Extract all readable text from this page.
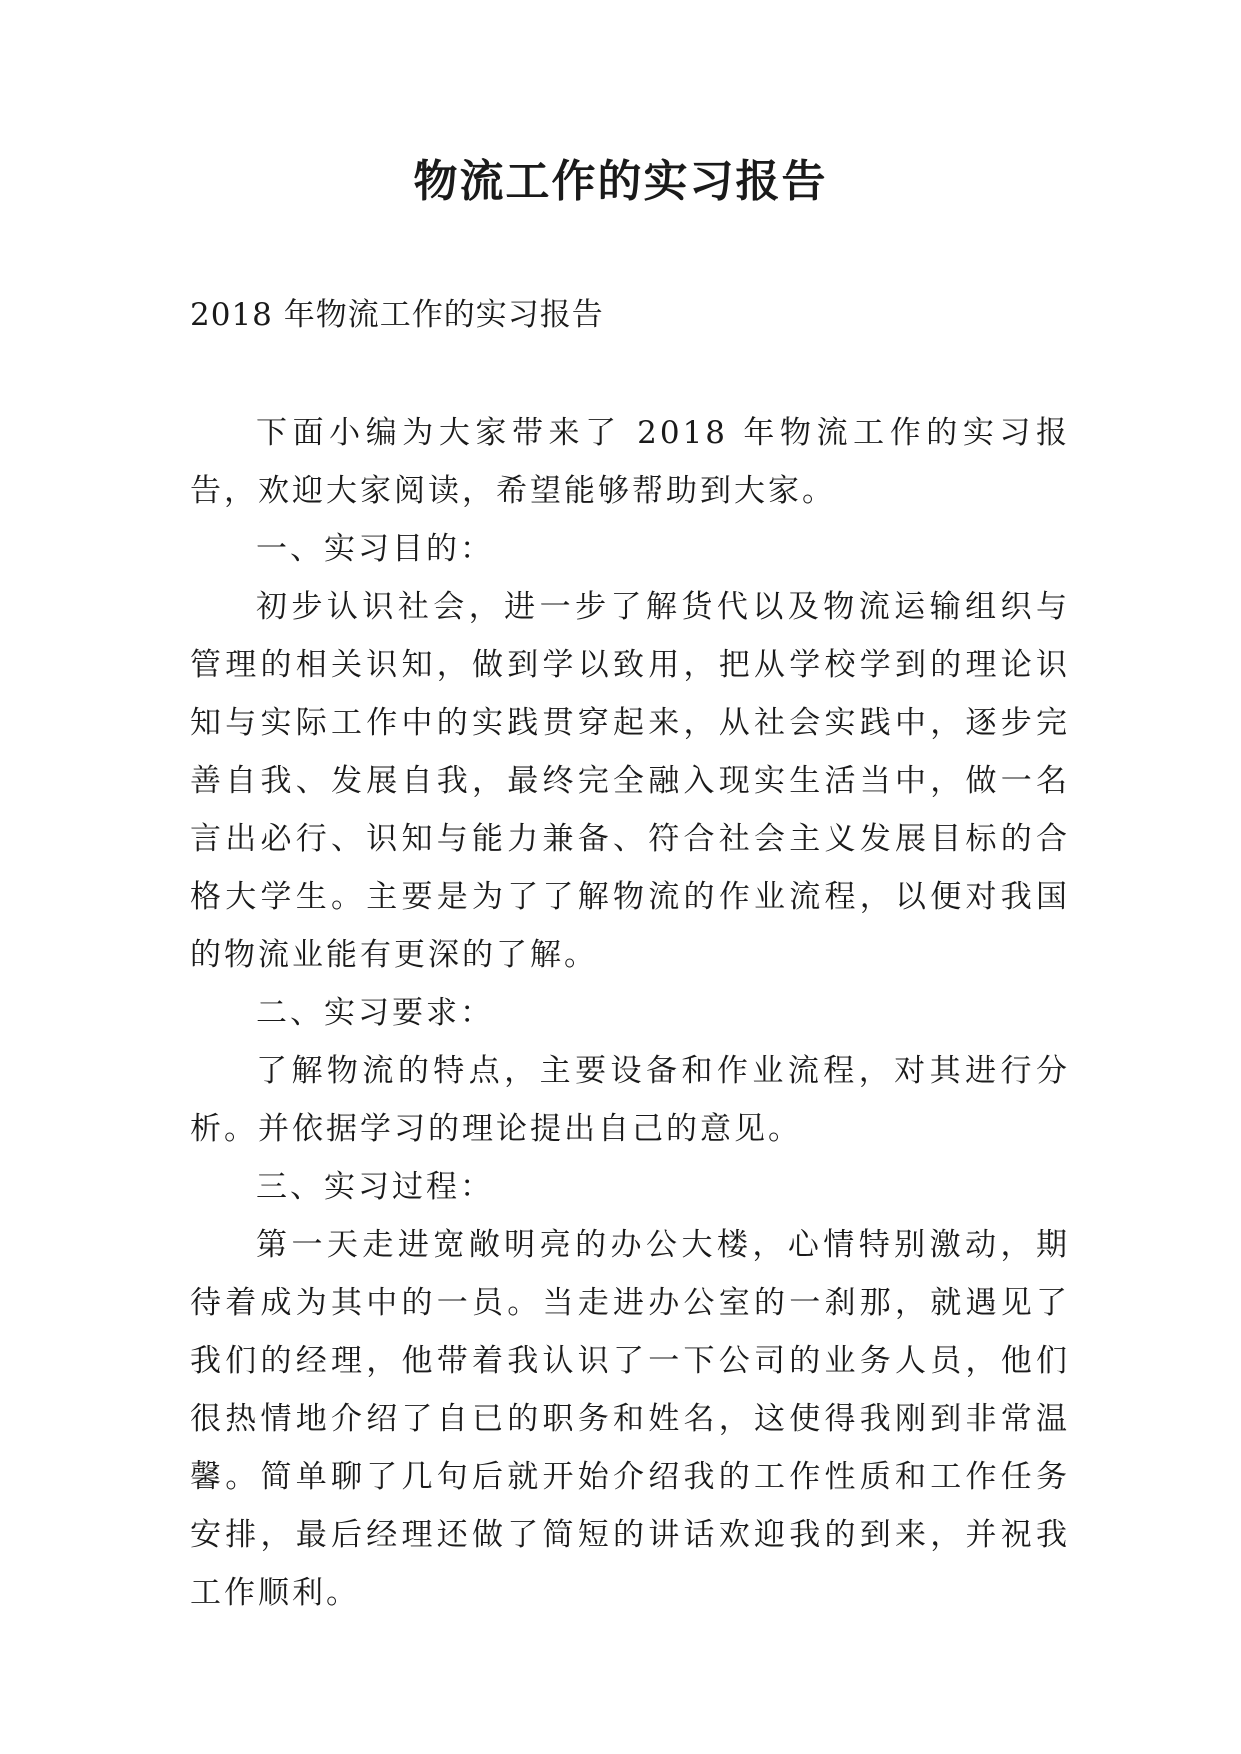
物流工作的实习报告
2018 年物流工作的实习报告

下面小编为大家带来了 2018 年物流工作的实习报告，欢迎大家阅读，希望能够帮助到大家。

一、实习目的：

初步认识社会，进一步了解货代以及物流运输组织与管理的相关识知，做到学以致用，把从学校学到的理论识知与实际工作中的实践贯穿起来，从社会实践中，逐步完善自我、发展自我，最终完全融入现实生活当中，做一名言出必行、识知与能力兼备、符合社会主义发展目标的合格大学生。主要是为了了解物流的作业流程，以便对我国的物流业能有更深的了解。

二、实习要求：

了解物流的特点，主要设备和作业流程，对其进行分析。并依据学习的理论提出自己的意见。

三、实习过程：

第一天走进宽敞明亮的办公大楼，心情特别激动，期待着成为其中的一员。当走进办公室的一刹那，就遇见了我们的经理，他带着我认识了一下公司的业务人员，他们很热情地介绍了自已的职务和姓名，这使得我刚到非常温馨。简单聊了几句后就开始介绍我的工作性质和工作任务安排，最后经理还做了简短的讲话欢迎我的到来，并祝我工作顺利。
